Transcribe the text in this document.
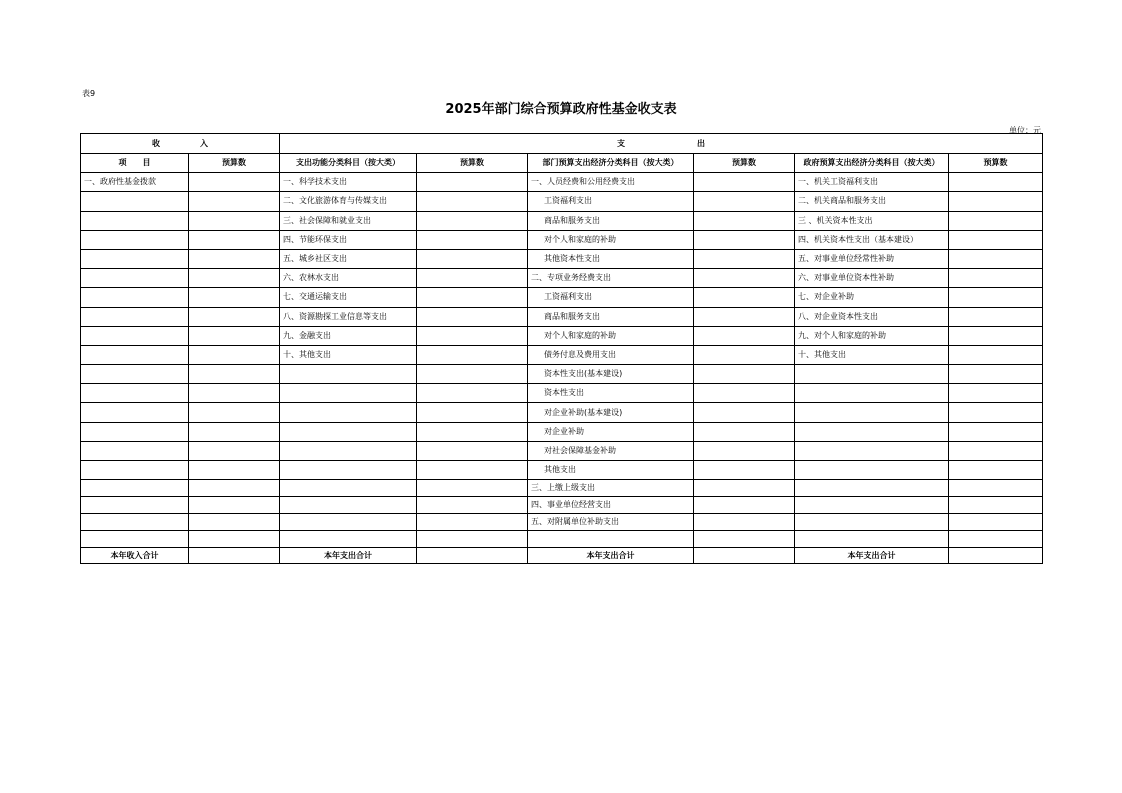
表9
2025年部门综合预算政府性基金收支表
单位：元
收　　　　　入		支　　　　　　　　　出					
项　　目	预算数	支出功能分类科目（按大类）	预算数	部门预算支出经济分类科目（按大类）	预算数	政府预算支出经济分类科目（按大类）	预算数
一、政府性基金拨款		一、科学技术支出		一、人员经费和公用经费支出		一、机关工资福利支出	
		二、文化旅游体育与传媒支出		工资福利支出		二、机关商品和服务支出	
		三、社会保障和就业支出		商品和服务支出		三 、机关资本性支出	
		四、节能环保支出		对个人和家庭的补助		四、机关资本性支出（基本建设）	
		五、城乡社区支出		其他资本性支出		五、对事业单位经常性补助	
		六、农林水支出		二、专项业务经费支出		六、对事业单位资本性补助	
		七、交通运输支出		工资福利支出		七、对企业补助	
		八、资源勘探工业信息等支出		商品和服务支出		八、对企业资本性支出	
		九、金融支出		对个人和家庭的补助		九、对个人和家庭的补助	
		十、其他支出		债务付息及费用支出		十、其他支出	
				资本性支出(基本建设)			
				资本性支出			
				对企业补助(基本建设)			
				对企业补助			
				对社会保障基金补助			
				其他支出			
				三、上缴上级支出			
				四、事业单位经营支出			
				五、对附属单位补助支出			

本年收入合计		本年支出合计		本年支出合计		本年支出合计	
